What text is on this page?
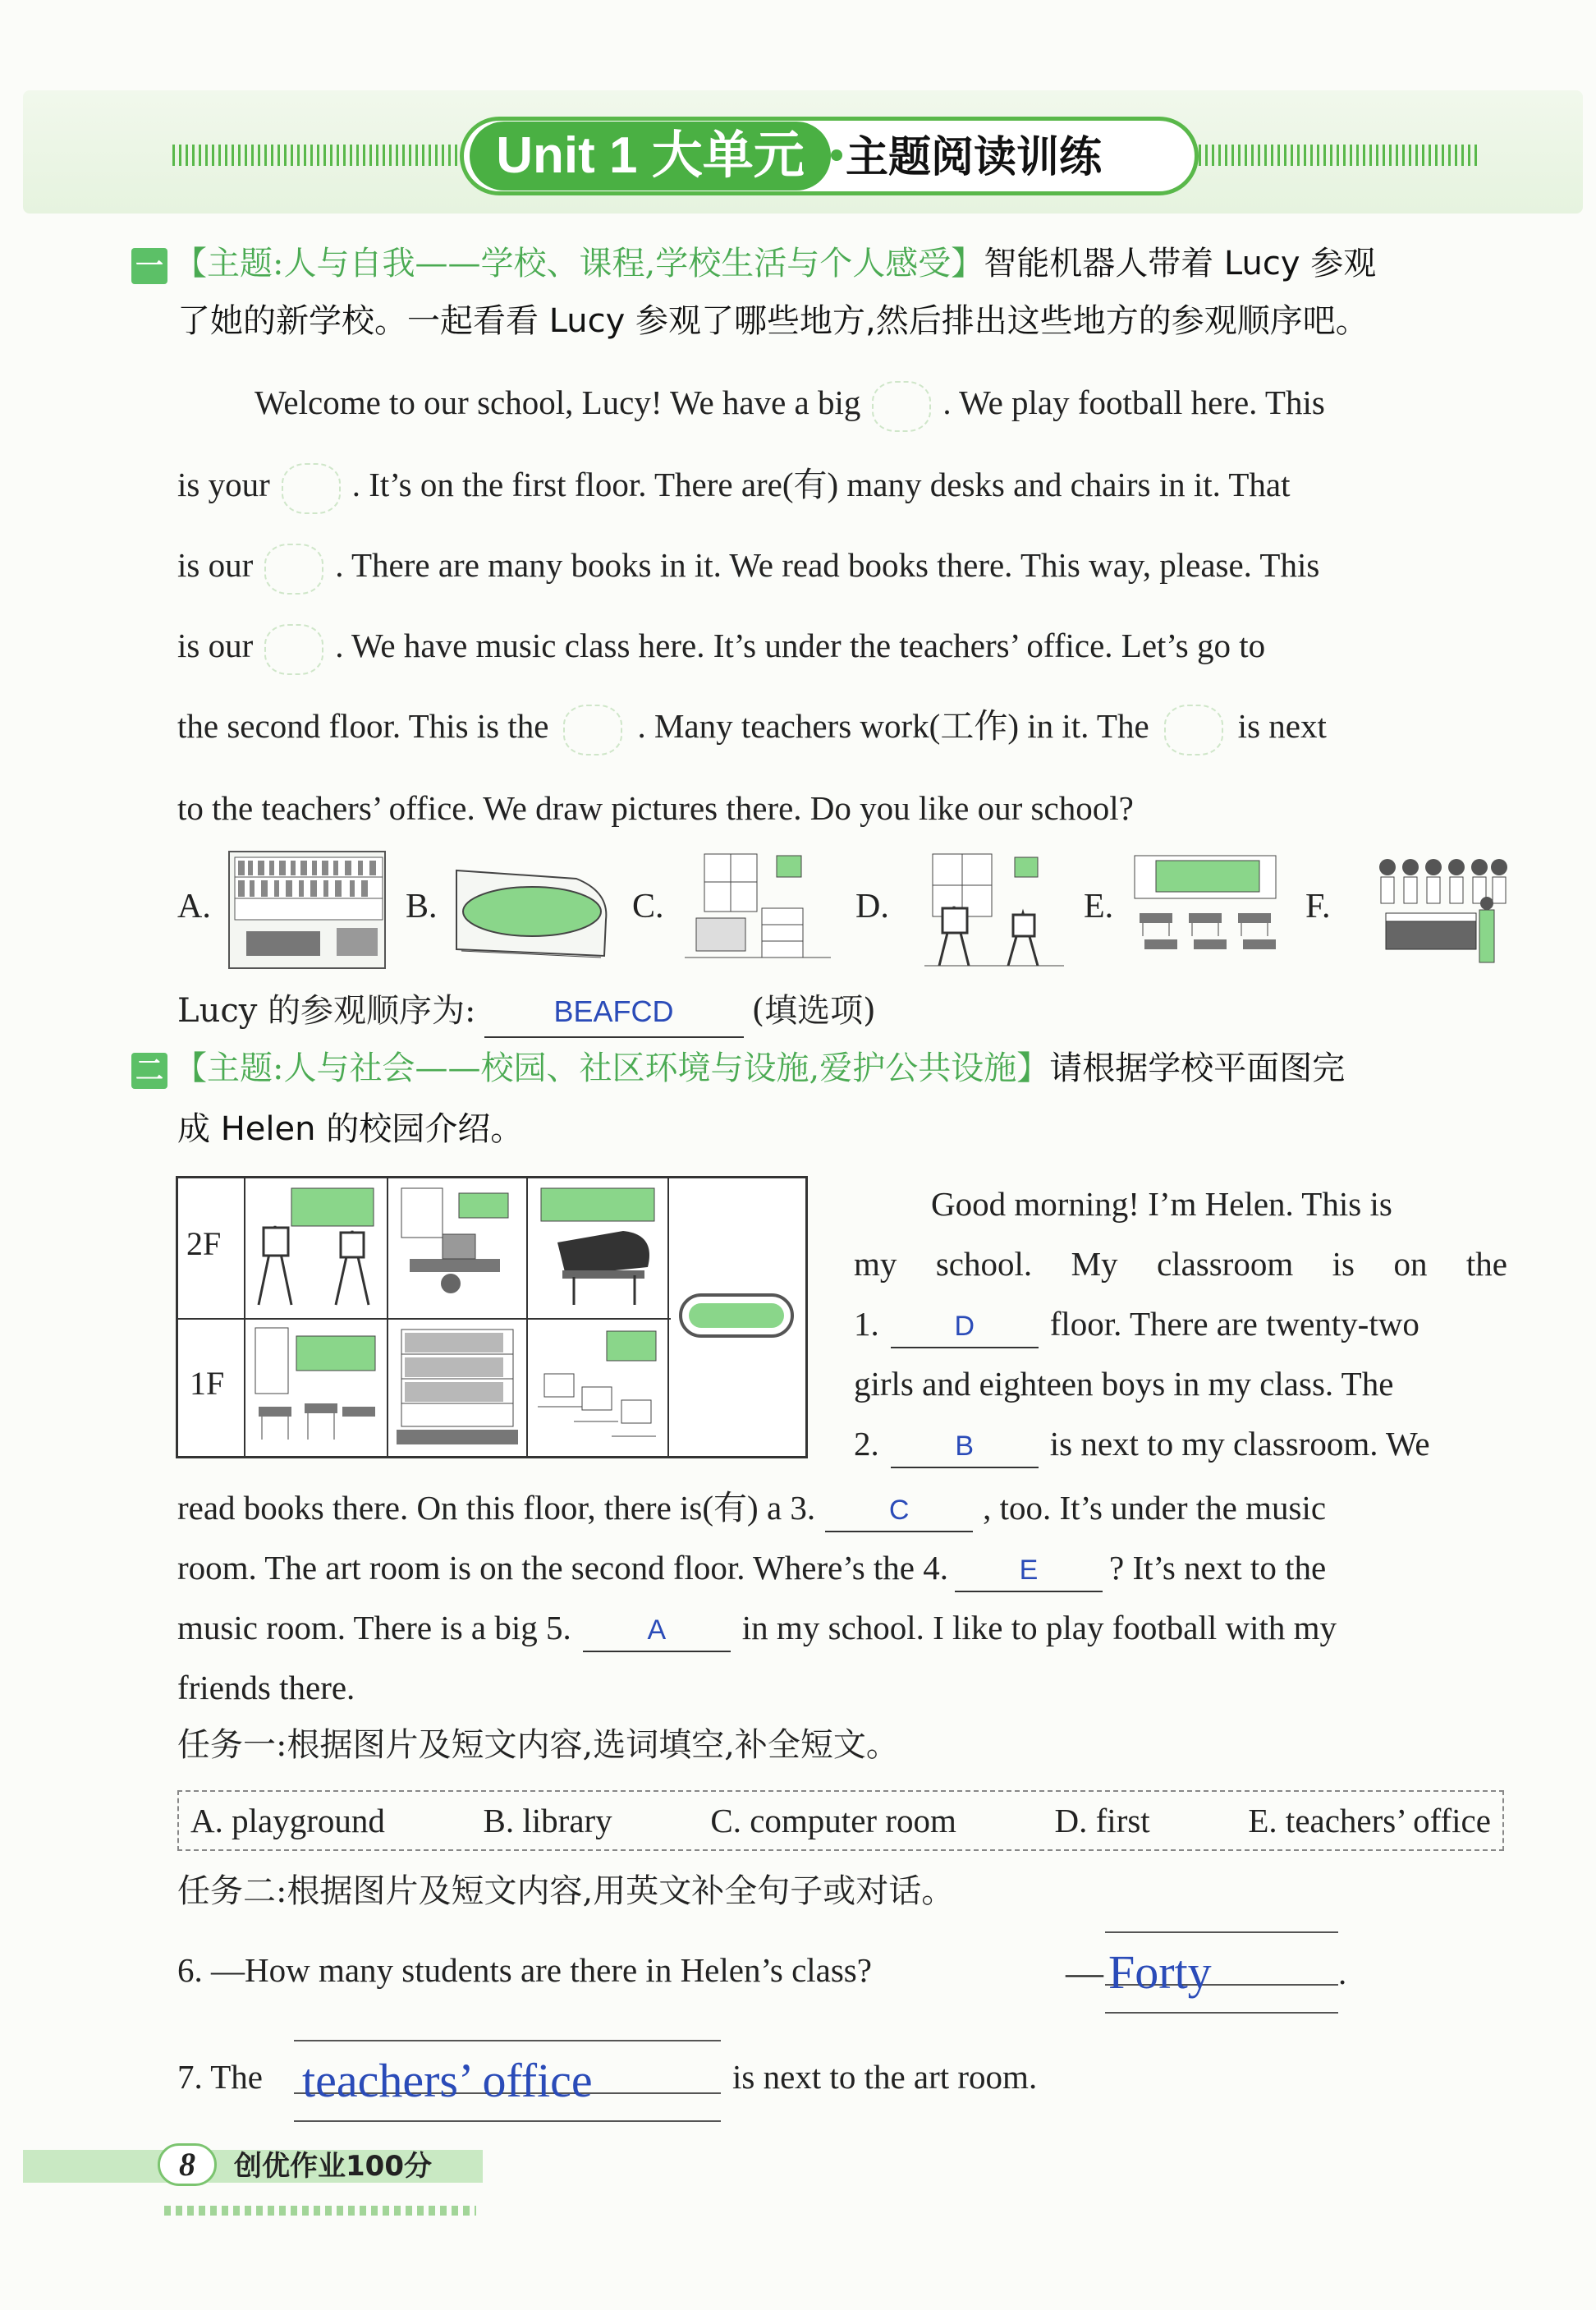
Unit 1 大单元 主题阅读训练
一 【主题:人与自我——学校、课程,学校生活与个人感受】智能机器人带着 Lucy 参观
了她的新学校。一起看看 Lucy 参观了哪些地方,然后排出这些地方的参观顺序吧。
Welcome to our school, Lucy! We have a big . We play football here. This
is your . It’s on the first floor. There are(有) many desks and chairs in it. That
is our . There are many books in it. We read books there. This way, please. This
is our . We have music class here. It’s under the teachers’ office. Let’s go to
the second floor. This is the	. Many teachers work(工作) in it. The	is next
to the teachers’ office. We draw pictures there. Do you like our school?
A.	B.	C.	D.	E.	F.
Lucy 的参观顺序为:	BEAFCD (填选项)
二 【主题:人与社会——校园、社区环境与设施,爱护公共设施】请根据学校平面图完
成 Helen 的校园介绍。
2F
1F
Good morning! I’m Helen. This is
my school. My classroom is on the
1.	D floor. There are twenty-two
girls and eighteen boys in my class. The
2.	B is next to my classroom. We
read books there. On this floor, there is(有) a 3.	C , too. It’s under the music
room. The art room is on the second floor. Where’s the 4.	E ? It’s next to the
music room. There is a big 5.	A in my school. I like to play football with my
friends there.
任务一:根据图片及短文内容,选词填空,补全短文。
A. playground	B. library	C. computer room	D. first	E. teachers’ office
任务二:根据图片及短文内容,用英文补全句子或对话。
6. —How many students are there in Helen’s class?	— Forty	.
7. The teachers’ office	is next to the art room.
8	创优作业100分
